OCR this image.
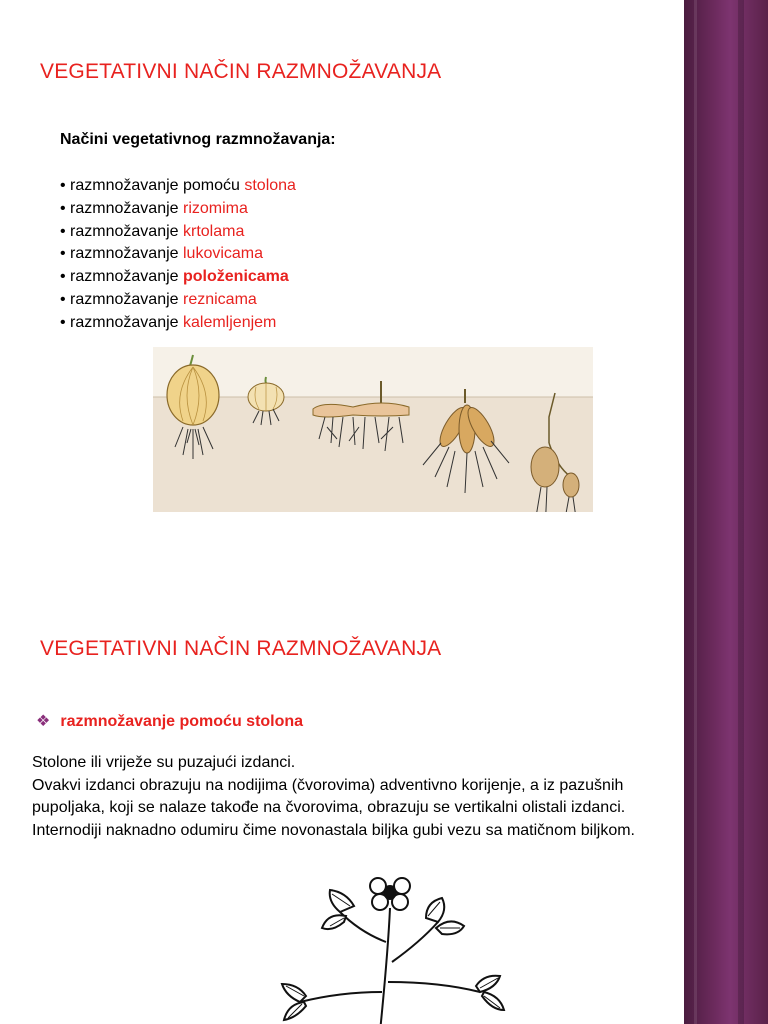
VEGETATIVNI NAČIN RAZMNOŽAVANJA
Načini vegetativnog razmnožavanja:
• razmnožavanje pomoću stolona
• razmnožavanje rizomima
• razmnožavanje krtolama
• razmnožavanje lukovicama
• razmnožavanje položenicama
• razmnožavanje reznicama
• razmnožavanje kalemljenjem
VEGETATIVNI NAČIN RAZMNOŽAVANJA
❖ razmnožavanje pomoću stolona
Stolone ili vriježe su puzajući izdanci.
Ovakvi izdanci obrazuju na nodijima (čvorovima) adventivno korijenje, a iz pazušnih
pupoljaka, koji se nalaze takođe na čvorovima, obrazuju se vertikalni olistali izdanci.
Internodiji naknadno odumiru čime novonastala biljka gubi vezu sa matičnom biljkom.
